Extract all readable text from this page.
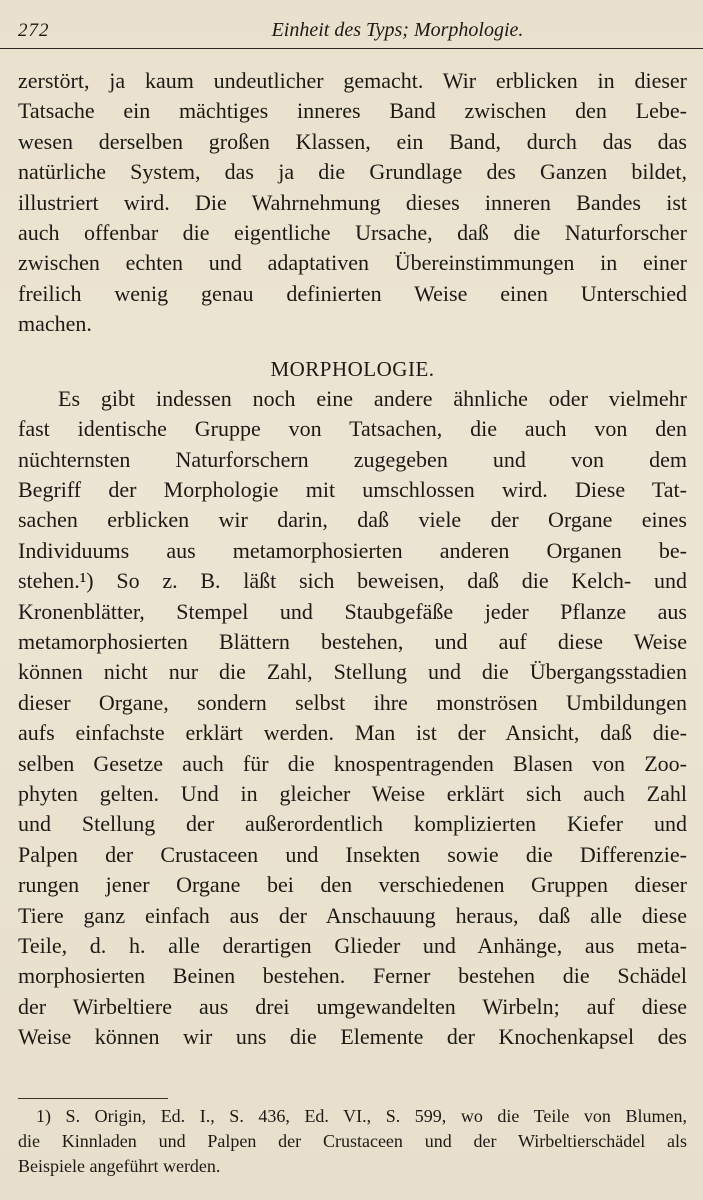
272	Einheit des Typs; Morphologie.
zerstört, ja kaum undeutlicher gemacht. Wir erblicken in dieser
Tatsache ein mächtiges inneres Band zwischen den Lebe-
wesen derselben großen Klassen, ein Band, durch das das
natürliche System, das ja die Grundlage des Ganzen bildet,
illustriert wird. Die Wahrnehmung dieses inneren Bandes ist
auch offenbar die eigentliche Ursache, daß die Naturforscher
zwischen echten und adaptativen Übereinstimmungen in einer
freilich wenig genau definierten Weise einen Unterschied
machen.
MORPHOLOGIE.
Es gibt indessen noch eine andere ähnliche oder vielmehr
fast identische Gruppe von Tatsachen, die auch von den
nüchternsten Naturforschern zugegeben und von dem
Begriff der Morphologie mit umschlossen wird. Diese Tat-
sachen erblicken wir darin, daß viele der Organe eines
Individuums aus metamorphosierten anderen Organen be-
stehen.¹) So z. B. läßt sich beweisen, daß die Kelch- und
Kronenblätter, Stempel und Staubgefäße jeder Pflanze aus
metamorphosierten Blättern bestehen, und auf diese Weise
können nicht nur die Zahl, Stellung und die Übergangsstadien
dieser Organe, sondern selbst ihre monströsen Umbildungen
aufs einfachste erklärt werden. Man ist der Ansicht, daß die-
selben Gesetze auch für die knospentragenden Blasen von Zoo-
phyten gelten. Und in gleicher Weise erklärt sich auch Zahl
und Stellung der außerordentlich komplizierten Kiefer und
Palpen der Crustaceen und Insekten sowie die Differenzie-
rungen jener Organe bei den verschiedenen Gruppen dieser
Tiere ganz einfach aus der Anschauung heraus, daß alle diese
Teile, d. h. alle derartigen Glieder und Anhänge, aus meta-
morphosierten Beinen bestehen. Ferner bestehen die Schädel
der Wirbeltiere aus drei umgewandelten Wirbeln; auf diese
Weise können wir uns die Elemente der Knochenkapsel des
1) S. Origin, Ed. I., S. 436, Ed. VI., S. 599, wo die Teile von Blumen,
die Kinnladen und Palpen der Crustaceen und der Wirbeltierschädel als
Beispiele angeführt werden.
